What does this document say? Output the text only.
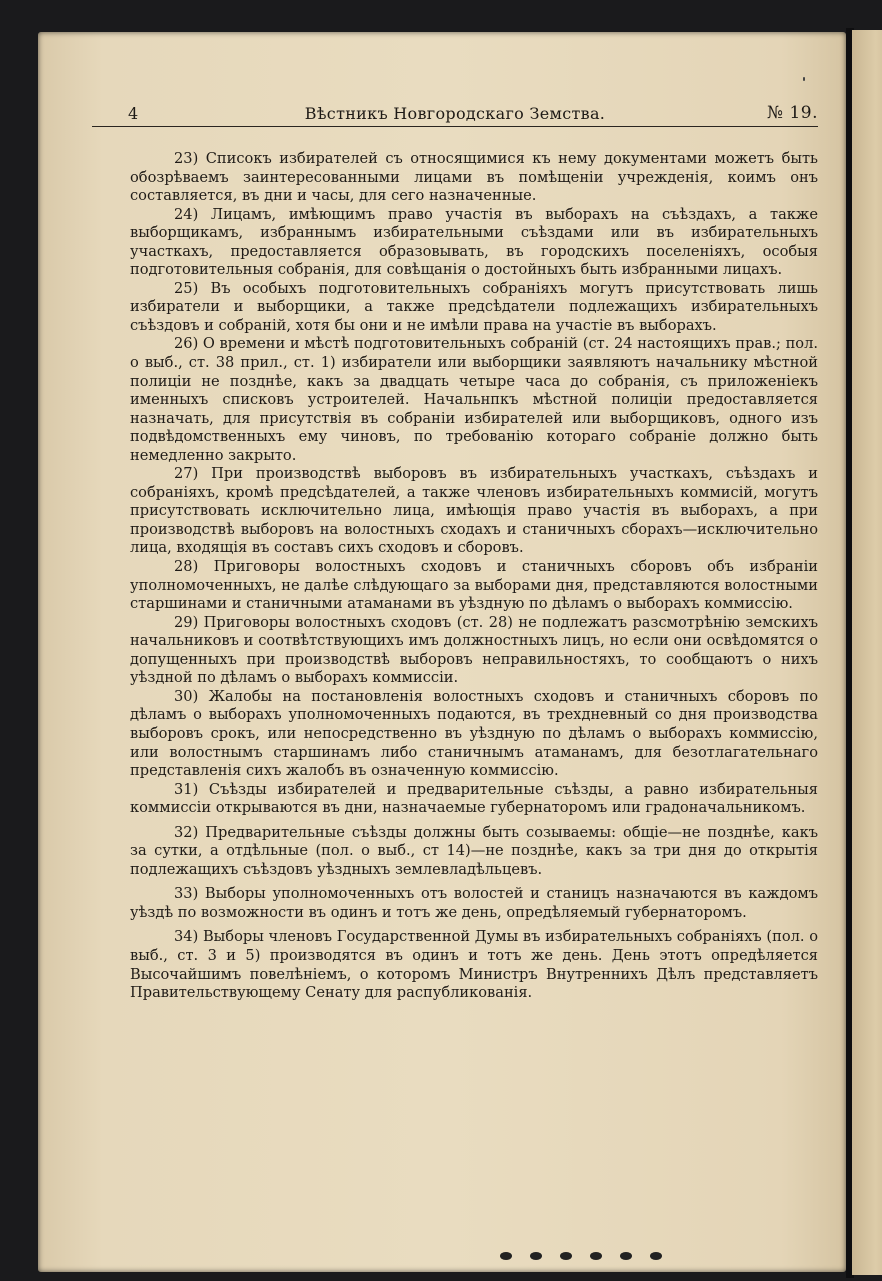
4	Вѣстникъ Новгородскаго Земства.	№ 19.

23) Списокъ избирателей съ относящимися къ нему документами можетъ быть обозрѣваемъ заинтересованными лицами въ помѣщеніи учрежденія, коимъ онъ составляется, въ дни и часы, для сего назначенные.

24) Лицамъ, имѣющимъ право участія въ выборахъ на съѣздахъ, а также выборщикамъ, избраннымъ избирательными съѣздами или въ избирательныхъ участкахъ, предоставляется образовывать, въ городскихъ поселеніяхъ, особыя подготовительныя собранія, для совѣщанія о достойныхъ быть избранными лицахъ.

25) Въ особыхъ подготовительныхъ собраніяхъ могутъ присутствовать лишь избиратели и выборщики, а также предсѣдатели подлежащихъ избирательныхъ съѣздовъ и собраній, хотя бы они и не имѣли права на участіе въ выборахъ.

26) О времени и мѣстѣ подготовительныхъ собраній (ст. 24 настоящихъ прав.; пол. о выб., ст. 38 прил., ст. 1) избиратели или выборщики заявляютъ начальнику мѣстной полиціи не позднѣе, какъ за двадцать четыре часа до собранія, съ приложеніекъ именныхъ списковъ устроителей. Начальнпкъ мѣстной полиціи предоставляется назначать, для присутствія въ собраніи избирателей или выборщиковъ, одного изъ подвѣдомственныхъ ему чиновъ, по требованію котораго собраніе должно быть немедленно закрыто.

27) При производствѣ выборовъ въ избирательныхъ участкахъ, съѣздахъ и собраніяхъ, кромѣ предсѣдателей, а также членовъ избирательныхъ коммисій, могутъ присутствовать исключительно лица, имѣющія право участія въ выборахъ, а при производствѣ выборовъ на волостныхъ сходахъ и станичныхъ сборахъ—исключительно лица, входящія въ составъ сихъ сходовъ и сборовъ.

28) Приговоры волостныхъ сходовъ и станичныхъ сборовъ объ избраніи уполномоченныхъ, не далѣе слѣдующаго за выборами дня, представляются волостными старшинами и станичными атаманами въ уѣздную по дѣламъ о выборахъ коммиссію.

29) Приговоры волостныхъ сходовъ (ст. 28) не подлежатъ разсмотрѣнію земскихъ начальниковъ и соотвѣтствующихъ имъ должностныхъ лицъ, но если они освѣдомятся о допущенныхъ при производствѣ выборовъ неправильностяхъ, то сообщаютъ о нихъ уѣздной по дѣламъ о выборахъ коммиссіи.

30) Жалобы на постановленія волостныхъ сходовъ и станичныхъ сборовъ по дѣламъ о выборахъ уполномоченныхъ подаются, въ трехдневный со дня производства выборовъ срокъ, или непосредственно въ уѣздную по дѣламъ о выборахъ коммиссію, или волостнымъ старшинамъ либо станичнымъ атаманамъ, для безотлагательнаго представленія сихъ жалобъ въ означенную коммиссію.

31) Съѣзды избирателей и предварительные съѣзды, а равно избирательныя коммиссіи открываются въ дни, назначаемые губернаторомъ или градоначальникомъ.

32) Предварительные съѣзды должны быть созываемы: общіе—не позднѣе, какъ за сутки, а отдѣльные (пол. о выб., ст 14)—не позднѣе, какъ за три дня до открытія подлежащихъ съѣздовъ уѣздныхъ землевладѣльцевъ.

33) Выборы уполномоченныхъ отъ волостей и станицъ назначаются въ каждомъ уѣздѣ по возможности въ одинъ и тотъ же день, опредѣляемый губернаторомъ.

34) Выборы членовъ Государственной Думы въ избирательныхъ собраніяхъ (пол. о выб., ст. 3 и 5) производятся въ одинъ и тотъ же день. День этотъ опредѣляется Высочайшимъ повелѣніемъ, о которомъ Министръ Внутреннихъ Дѣлъ представляетъ Правительствующему Сенату для распубликованія.
